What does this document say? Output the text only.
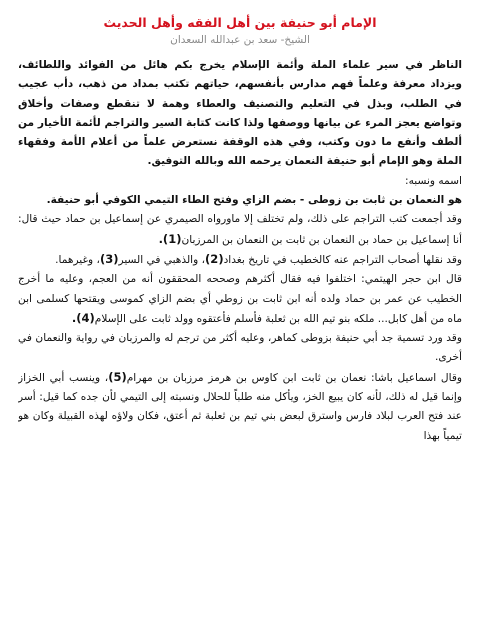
الإمام أبو حنيفة بين أهل الفقه وأهل الحديث

الشيخ- سعد بن عبدالله السعدان

الناظر في سير علماء الملة وأئمة الإسلام يخرج بكم هائل من الفوائد واللطائف، ويزداد معرفة وعلماً فهم مدارس بأنفسهم، حياتهم تكتب بمداد من ذهب، دأب عجيب في الطلب، وبذل في التعليم والتصنيف والعطاء وهمة لا تنقطع وصفات وأخلاق وتواضع يعجز المرء عن بيانها ووصفها ولذا كانت كتابة السير والتراجم لأئمة الأخيار من ألطف وأنفع ما دون وكتب، وفي هذه الوقفة نستعرض علماً من أعلام الأمة وفقهاء الملة وهو الإمام أبو حنيفة النعمان يرحمه الله وبالله التوفيق.

اسمه ونسبه:

هو النعمان بن ثابت بن زوطى - بضم الزاي وفتح الطاء التيمي الكوفي أبو حنيفة.

وقد أجمعت كتب التراجم على ذلك، ولم تختلف إلا ماورواه الصيمري عن إسماعيل بن حماد حيث قال: أنا إسماعيل بن حماد بن النعمان بن ثابت بن النعمان بن المرزبان(1).

وقد نقلها أصحاب التراجم عنه كالخطيب في تاريخ بغداد(2)، والذهبي في السير(3)، وغيرهما.

قال ابن حجر الهيتمي: اختلفوا فيه فقال أكثرهم وصححه المحققون أنه من العجم، وعليه ما أخرج الخطيب عن عمر بن حماد ولده أنه ابن ثابت بن زوطي أي بضم الزاي كموسى ويقتحها كسلمى ابن ماه من أهل كابل... ملكه بنو تيم الله بن ثعلبة فأسلم فأعتقوه وولد ثابت على الإسلام(4).

وقد ورد تسمية جد أبي حنيفة بزوطى كماهر، وعليه أكثر من ترجم له والمرزبان في رواية والنعمان في أخرى.

وقال اسماعيل باشا: نعمان بن ثابت ابن كاوس بن هرمز مرزبان بن مهرام(5)، وينسب أبي الخزاز وإنما قيل له ذلك، لأنه كان يبيع الخز، ويأكل منه طلباً للحلال ونسبته إلى التيمي لأن جده كما قيل: أسر عند فتح العرب لبلاد فارس واسترق لبعض بني تيم بن ثعلبة ثم أعتق، فكان ولاؤه لهذه القبيلة وكان هو تيمياً بهذا
